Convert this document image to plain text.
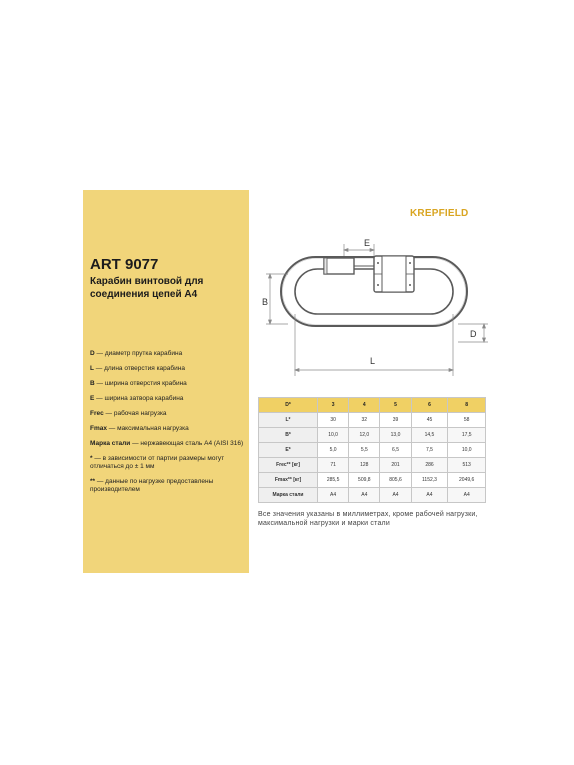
KREPFIELD
ART 9077

Карабин винтовой для соединения цепей А4

D — диаметр прутка карабина
L — длина отверстия карабина
B — ширина отверстия крабина
E — ширина затвора карабина
Frec — рабочая нагрузка
Fmax — максимальная нагрузка
Марка стали — нержавеющая сталь А4 (AISI 316)
* — в зависимости от партии размеры могут отличаться до ± 1 мм
** — данные по нагрузке предоставлены производителем
E
B
D
L
D*	3	4	5	6	8
L*	30	32	39	45	58
B*	10,0	12,0	13,0	14,5	17,5
E*	5,0	5,5	6,5	7,5	10,0
Frec** [кг]	71	128	201	286	513
Fmax** [кг]	285,5	509,8	805,6	1152,3	2049,6
Марка стали	А4	А4	А4	А4	А4

Все значения указаны в миллиметрах, кроме рабочей нагрузки, максимальной нагрузки и марки стали
